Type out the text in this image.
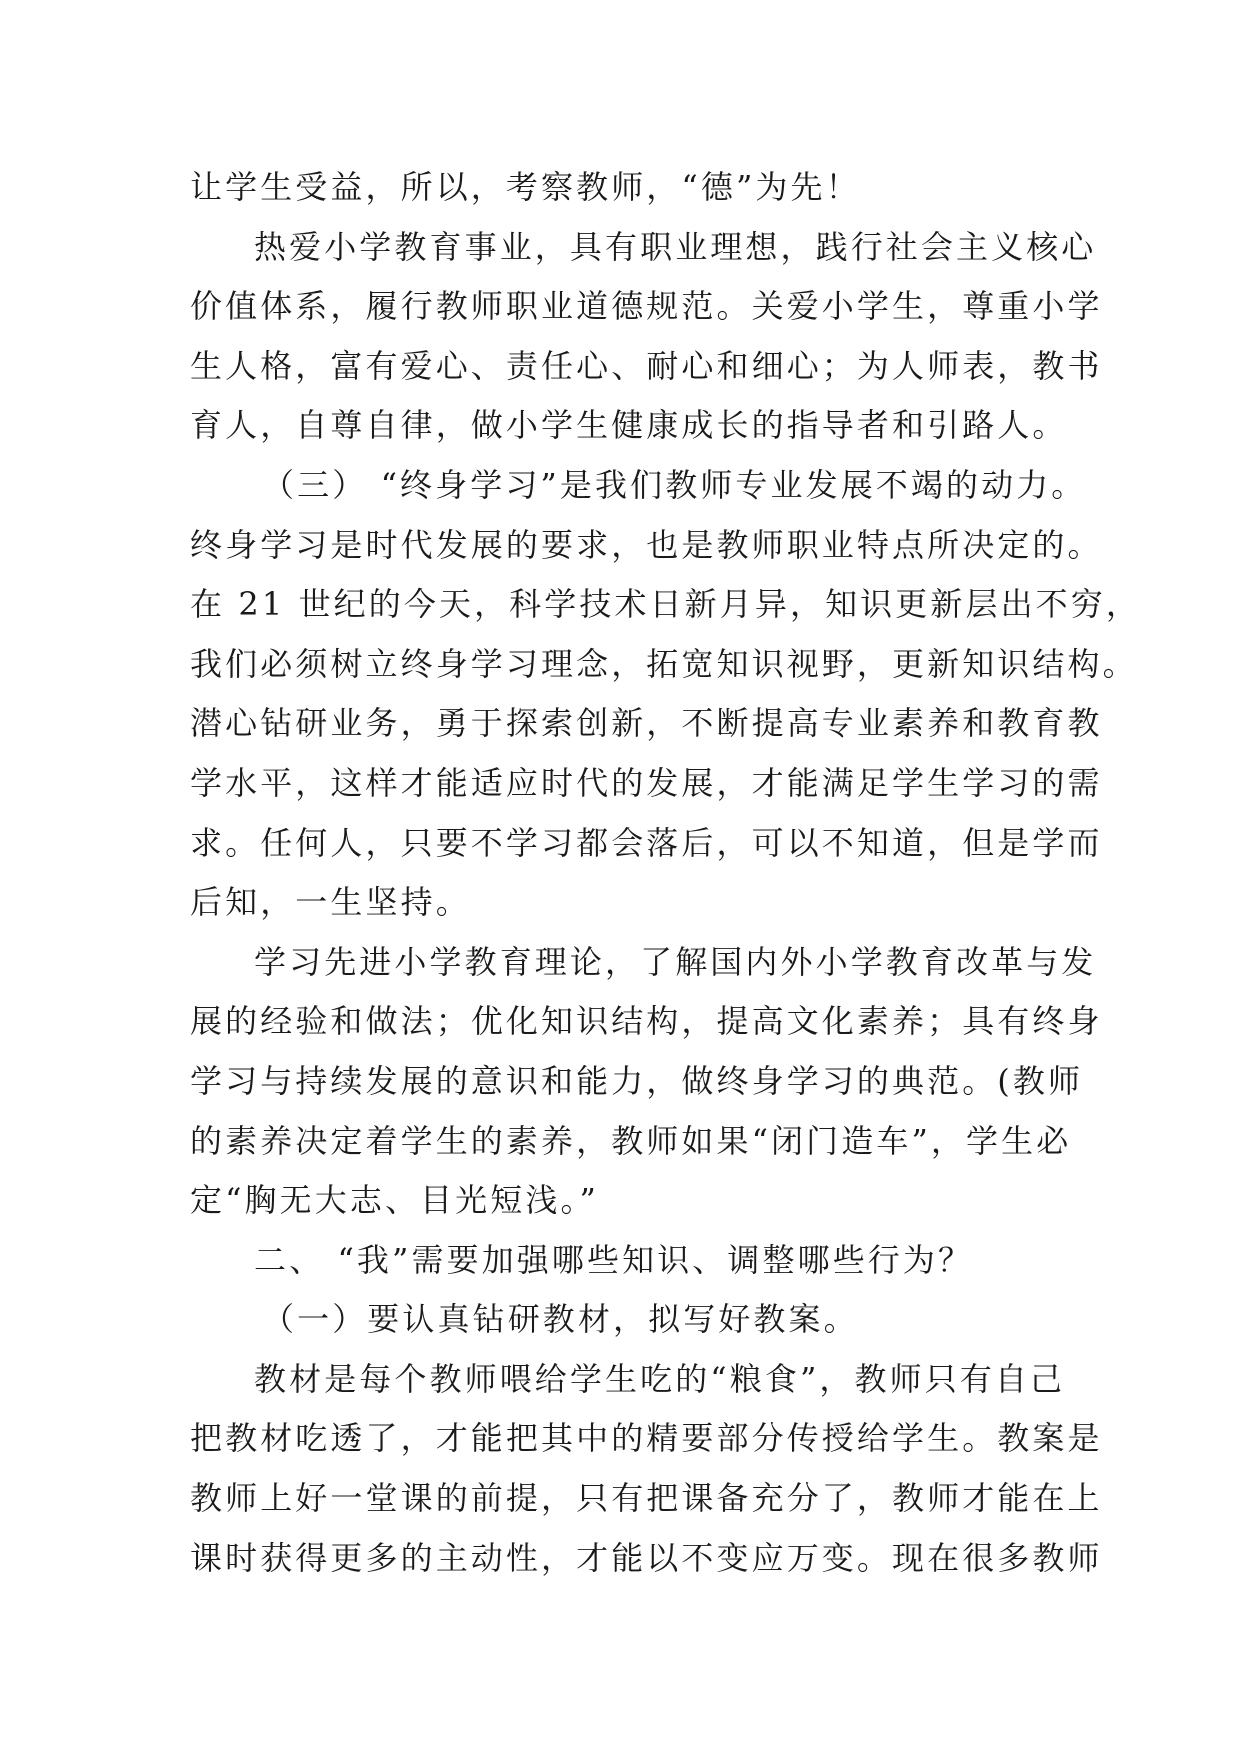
让学生受益，所以，考察教师，“德”为先！
热爱小学教育事业，具有职业理想，践行社会主义核心
价值体系，履行教师职业道德规范。关爱小学生，尊重小学
生人格，富有爱心、责任心、耐心和细心；为人师表，教书
育人，自尊自律，做小学生健康成长的指导者和引路人。
（三） “终身学习”是我们教师专业发展不竭的动力。
终身学习是时代发展的要求，也是教师职业特点所决定的。
在 21 世纪的今天，科学技术日新月异，知识更新层出不穷，
我们必须树立终身学习理念，拓宽知识视野，更新知识结构。
潜心钻研业务，勇于探索创新，不断提高专业素养和教育教
学水平，这样才能适应时代的发展，才能满足学生学习的需
求。任何人，只要不学习都会落后，可以不知道，但是学而
后知，一生坚持。
学习先进小学教育理论，了解国内外小学教育改革与发
展的经验和做法；优化知识结构，提高文化素养；具有终身
学习与持续发展的意识和能力，做终身学习的典范。(教师
的素养决定着学生的素养，教师如果“闭门造车”，学生必
定“胸无大志、目光短浅。”
二、 “我”需要加强哪些知识、调整哪些行为？
（一）要认真钻研教材，拟写好教案。
教材是每个教师喂给学生吃的“粮食”，教师只有自己
把教材吃透了，才能把其中的精要部分传授给学生。教案是
教师上好一堂课的前提，只有把课备充分了，教师才能在上
课时获得更多的主动性，才能以不变应万变。现在很多教师
